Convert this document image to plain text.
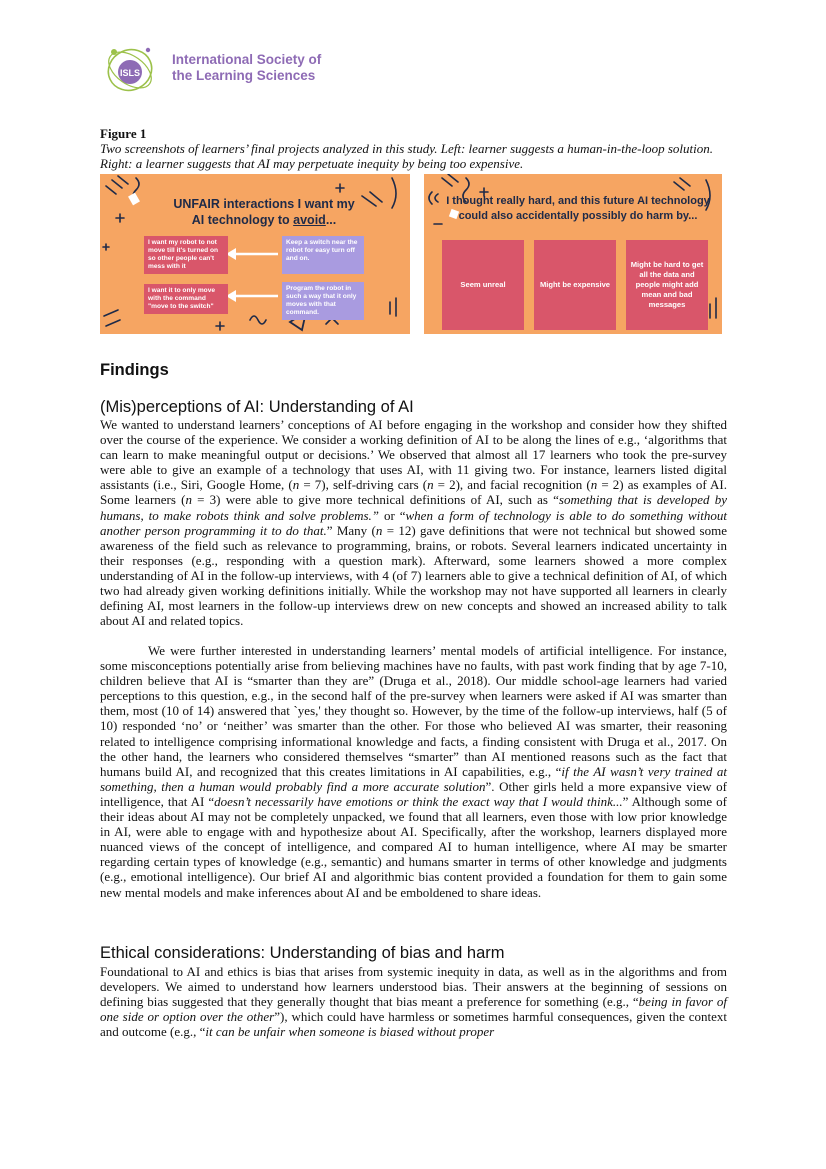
ISLS
International Society of
the Learning Sciences
Figure 1
Two screenshots of learners’ final projects analyzed in this study. Left: learner suggests a human-in-the-loop solution. Right: a learner suggests that AI may perpetuate inequity by being too expensive.
UNFAIR interactions I want my
AI technology to avoid...
I want my robot to not move till it's turned on so other people can't mess with it
I want it to only move with the command "move to the switch"
Keep a switch near the robot for easy turn off and on.
Program the robot in such a way that it only moves with that command.
I thought really hard, and this future AI technology could also accidentally possibly do harm by...
Seem unreal	Might be expensive
Might be hard to get all the data and people might add mean and bad messages
Findings
(Mis)perceptions of AI: Understanding of AI

We wanted to understand learners’ conceptions of AI before engaging in the workshop and consider how they shifted over the course of the experience. We consider a working definition of AI to be along the lines of e.g., ‘algorithms that can learn to make meaningful output or decisions.’ We observed that almost all 17 learners who took the pre-survey were able to give an example of a technology that uses AI, with 11 giving two. For instance, learners listed digital assistants (i.e., Siri, Google Home, (n = 7), self-driving cars (n = 2), and facial recognition (n = 2) as examples of AI. Some learners (n = 3) were able to give more technical definitions of AI, such as “something that is developed by humans, to make robots think and solve problems.” or “when a form of technology is able to do something without another person programming it to do that.” Many (n = 12) gave definitions that were not technical but showed some awareness of the field such as relevance to programming, brains, or robots. Several learners indicated uncertainty in their responses (e.g., responding with a question mark). Afterward, some learners showed a more complex understanding of AI in the follow-up interviews, with 4 (of 7) learners able to give a technical definition of AI, of which two had already given working definitions initially. While the workshop may not have supported all learners in clearly defining AI, most learners in the follow-up interviews drew on new concepts and showed an increased ability to talk about AI and related topics.

We were further interested in understanding learners’ mental models of artificial intelligence. For instance, some misconceptions potentially arise from believing machines have no faults, with past work finding that by age 7-10, children believe that AI is “smarter than they are” (Druga et al., 2018). Our middle school-age learners had varied perceptions to this question, e.g., in the second half of the pre-survey when learners were asked if AI was smarter than them, most (10 of 14) answered that `yes,' they thought so. However, by the time of the follow-up interviews, half (5 of 10) responded ‘no’ or ‘neither’ was smarter than the other. For those who believed AI was smarter, their reasoning related to intelligence comprising informational knowledge and facts, a finding consistent with Druga et al., 2017. On the other hand, the learners who considered themselves “smarter” than AI mentioned reasons such as the fact that humans build AI, and recognized that this creates limitations in AI capabilities, e.g., “if the AI wasn’t very trained at something, then a human would probably find a more accurate solution”. Other girls held a more expansive view of intelligence, that AI “doesn’t necessarily have emotions or think the exact way that I would think...” Although some of their ideas about AI may not be completely unpacked, we found that all learners, even those with low prior knowledge in AI, were able to engage with and hypothesize about AI. Specifically, after the workshop, learners displayed more nuanced views of the concept of intelligence, and compared AI to human intelligence, where AI may be smarter regarding certain types of knowledge (e.g., semantic) and humans smarter in terms of other knowledge and judgments (e.g., emotional intelligence). Our brief AI and algorithmic bias content provided a foundation for them to gain some new mental models and make inferences about AI and be emboldened to share ideas.

Ethical considerations: Understanding of bias and harm

Foundational to AI and ethics is bias that arises from systemic inequity in data, as well as in the algorithms and from developers. We aimed to understand how learners understood bias. Their answers at the beginning of sessions on defining bias suggested that they generally thought that bias meant a preference for something (e.g., “being in favor of one side or option over the other”), which could have harmless or sometimes harmful consequences, given the context and outcome (e.g., “it can be unfair when someone is biased without proper
